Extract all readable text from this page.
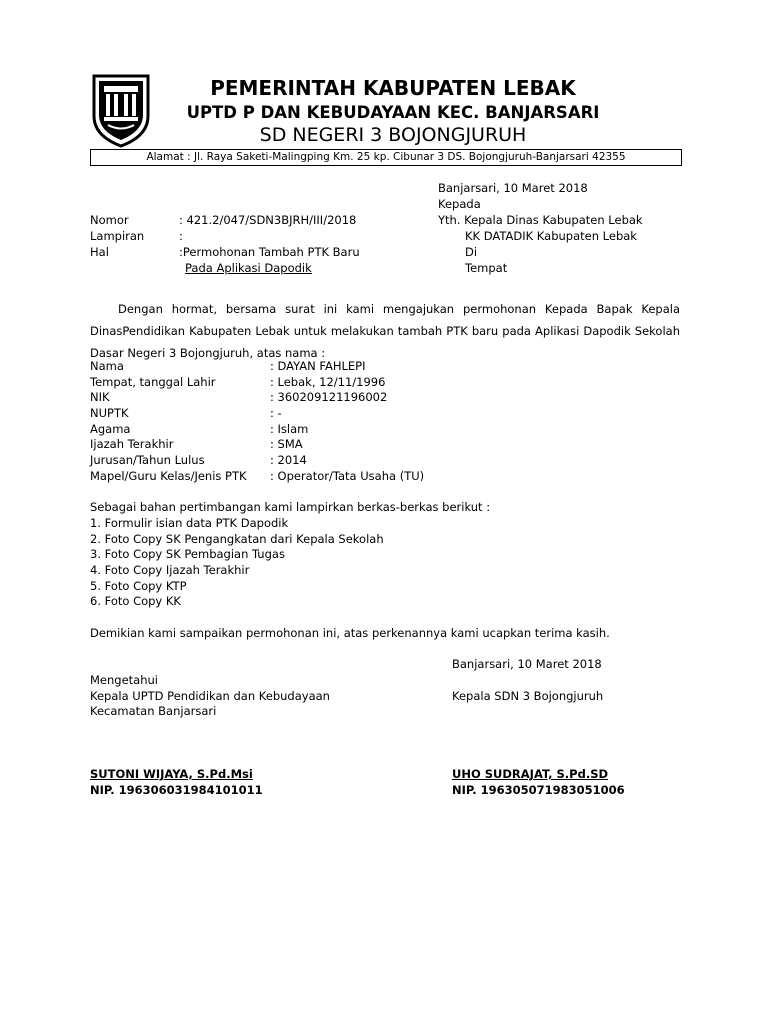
PEMERINTAH KABUPATEN LEBAK
UPTD P DAN KEBUDAYAAN KEC. BANJARSARI
SD NEGERI 3 BOJONGJURUH
Alamat : Jl. Raya Saketi-Malingping Km. 25 kp. Cibunar 3 DS. Bojongjuruh-Banjarsari 42355
Banjarsari, 10 Maret 2018
Kepada
Yth. Kepala Dinas Kabupaten Lebak
KK DATADIK Kabupaten Lebak
Di
Tempat
Nomor	: 421.2/047/SDN3BJRH/III/2018
Lampiran	:
Hal	:Permohonan Tambah PTK Baru
Pada Aplikasi Dapodik
Dengan hormat, bersama surat ini kami mengajukan permohonan Kepada Bapak Kepala DinasPendidikan Kabupaten Lebak untuk melakukan tambah PTK baru pada Aplikasi Dapodik Sekolah Dasar Negeri 3 Bojongjuruh, atas nama :
Nama	: DAYAN FAHLEPI
Tempat, tanggal Lahir	: Lebak, 12/11/1996
NIK	: 360209121196002
NUPTK	: -
Agama	: Islam
Ijazah Terakhir	: SMA
Jurusan/Tahun Lulus	: 2014
Mapel/Guru Kelas/Jenis PTK : Operator/Tata Usaha (TU)
Sebagai bahan pertimbangan kami lampirkan berkas-berkas berikut :
1. Formulir isian data PTK Dapodik
2. Foto Copy SK Pengangkatan dari Kepala Sekolah
3. Foto Copy SK Pembagian Tugas
4. Foto Copy Ijazah Terakhir
5. Foto Copy KTP
6. Foto Copy KK
Demikian kami sampaikan permohonan ini, atas perkenannya kami ucapkan terima kasih.
Banjarsari, 10 Maret 2018
Mengetahui
Kepala UPTD Pendidikan dan Kebudayaan	Kepala SDN 3 Bojongjuruh
Kecamatan Banjarsari
SUTONI WIJAYA, S.Pd.Msi
NIP. 196306031984101011
UHO SUDRAJAT, S.Pd.SD
NIP. 196305071983051006
